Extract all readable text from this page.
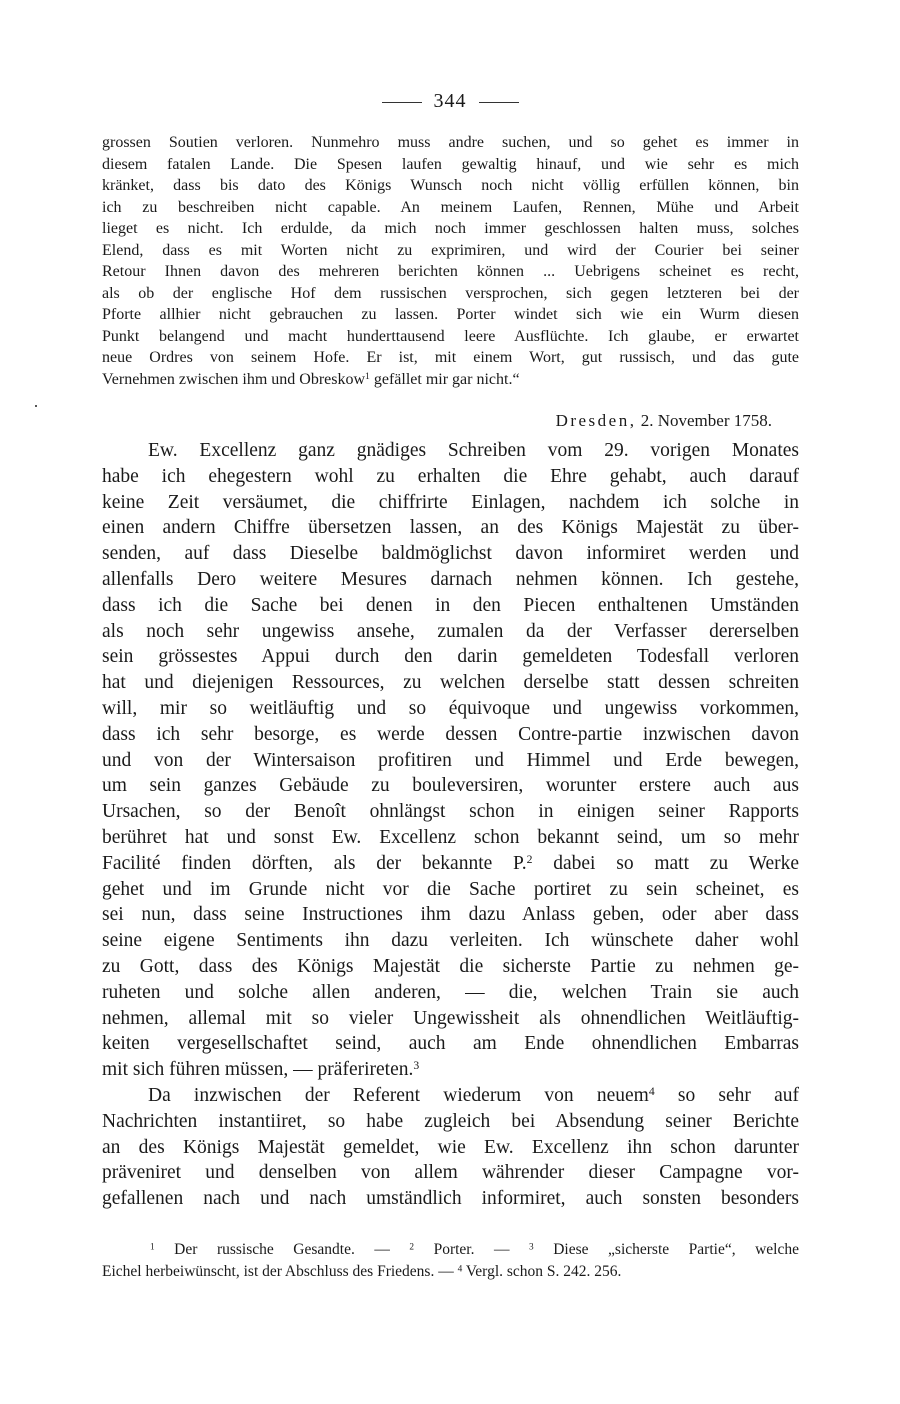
344
grossen Soutien verloren. Nunmehro muss andre suchen, und so gehet es immer in
diesem fatalen Lande. Die Spesen laufen gewaltig hinauf, und wie sehr es mich
kränket, dass bis dato des Königs Wunsch noch nicht völlig erfüllen können, bin
ich zu beschreiben nicht capable. An meinem Laufen, Rennen, Mühe und Arbeit
lieget es nicht. Ich erdulde, da mich noch immer geschlossen halten muss, solches
Elend, dass es mit Worten nicht zu exprimiren, und wird der Courier bei seiner
Retour Ihnen davon des mehreren berichten können ... Uebrigens scheinet es recht,
als ob der englische Hof dem russischen versprochen, sich gegen letzteren bei der
Pforte allhier nicht gebrauchen zu lassen. Porter windet sich wie ein Wurm diesen
Punkt belangend und macht hunderttausend leere Ausflüchte. Ich glaube, er erwartet
neue Ordres von seinem Hofe. Er ist, mit einem Wort, gut russisch, und das gute
Vernehmen zwischen ihm und Obreskow$^1$ gefället mir gar nicht.“
Dresden, 2. November 1758.
Ew. Excellenz ganz gnädiges Schreiben vom 29. vorigen Monates
habe ich ehegestern wohl zu erhalten die Ehre gehabt, auch darauf
keine Zeit versäumet, die chiffrirte Einlagen, nachdem ich solche in
einen andern Chiffre übersetzen lassen, an des Königs Majestät zu über-
senden, auf dass Dieselbe baldmöglichst davon informiret werden und
allenfalls Dero weitere Mesures darnach nehmen können. Ich gestehe,
dass ich die Sache bei denen in den Piecen enthaltenen Umständen
als noch sehr ungewiss ansehe, zumalen da der Verfasser dererselben
sein grössestes Appui durch den darin gemeldeten Todesfall verloren
hat und diejenigen Ressources, zu welchen derselbe statt dessen schreiten
will, mir so weitläuftig und so équivoque und ungewiss vorkommen,
dass ich sehr besorge, es werde dessen Contre-partie inzwischen davon
und von der Wintersaison profitiren und Himmel und Erde bewegen,
um sein ganzes Gebäude zu bouleversiren, worunter erstere auch aus
Ursachen, so der Benoît ohnlängst schon in einigen seiner Rapports
berühret hat und sonst Ew. Excellenz schon bekannt seind, um so mehr
Facilité finden dörften, als der bekannte P.$^2$ dabei so matt zu Werke
gehet und im Grunde nicht vor die Sache portiret zu sein scheinet, es
sei nun, dass seine Instructiones ihm dazu Anlass geben, oder aber dass
seine eigene Sentiments ihn dazu verleiten. Ich wünschete daher wohl
zu Gott, dass des Königs Majestät die sicherste Partie zu nehmen ge-
ruheten und solche allen anderen, — die, welchen Train sie auch
nehmen, allemal mit so vieler Ungewissheit als ohnendlichen Weitläuftig-
keiten vergesellschaftet seind, auch am Ende ohnendlichen Embarras
mit sich führen müssen, — präferireten.$^3$
Da inzwischen der Referent wiederum von neuem$^4$ so sehr auf
Nachrichten instantiiret, so habe zugleich bei Absendung seiner Berichte
an des Königs Majestät gemeldet, wie Ew. Excellenz ihn schon darunter
präveniret und denselben von allem währender dieser Campagne vor-
gefallenen nach und nach umständlich informiret, auch sonsten besonders
$^1$ Der russische Gesandte. — $^2$ Porter. — $^3$ Diese „sicherste Partie“, welche
Eichel herbeiwünscht, ist der Abschluss des Friedens. — $^4$ Vergl. schon S. 242. 256.
